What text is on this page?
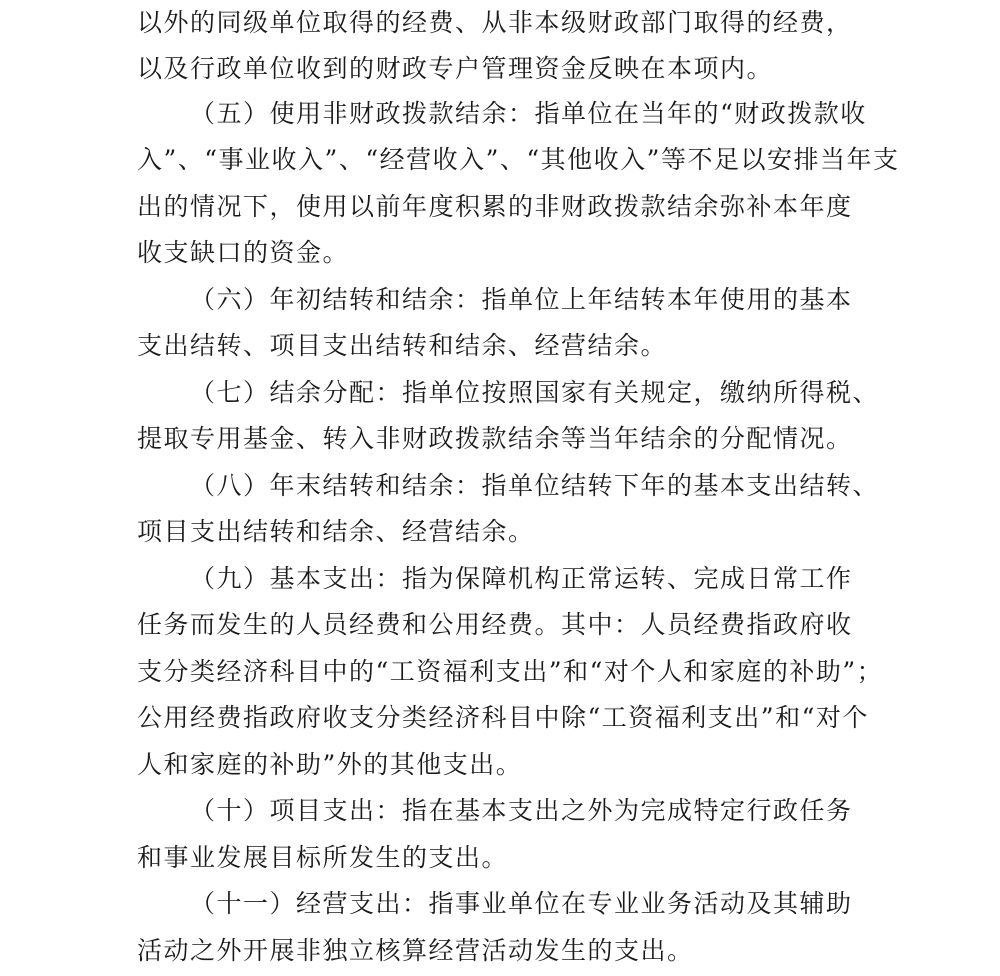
以外的同级单位取得的经费、从非本级财政部门取得的经费，
以及行政单位收到的财政专户管理资金反映在本项内。
（五）使用非财政拨款结余：指单位在当年的“财政拨款收
入”、“事业收入”、“经营收入”、“其他收入”等不足以安排当年支
出的情况下，使用以前年度积累的非财政拨款结余弥补本年度
收支缺口的资金。
（六）年初结转和结余：指单位上年结转本年使用的基本
支出结转、项目支出结转和结余、经营结余。
（七）结余分配：指单位按照国家有关规定，缴纳所得税、
提取专用基金、转入非财政拨款结余等当年结余的分配情况。
（八）年末结转和结余：指单位结转下年的基本支出结转、
项目支出结转和结余、经营结余。
（九）基本支出：指为保障机构正常运转、完成日常工作
任务而发生的人员经费和公用经费。其中：人员经费指政府收
支分类经济科目中的“工资福利支出”和“对个人和家庭的补助”；
公用经费指政府收支分类经济科目中除“工资福利支出”和“对个
人和家庭的补助”外的其他支出。
（十）项目支出：指在基本支出之外为完成特定行政任务
和事业发展目标所发生的支出。
（十一）经营支出：指事业单位在专业业务活动及其辅助
活动之外开展非独立核算经营活动发生的支出。
